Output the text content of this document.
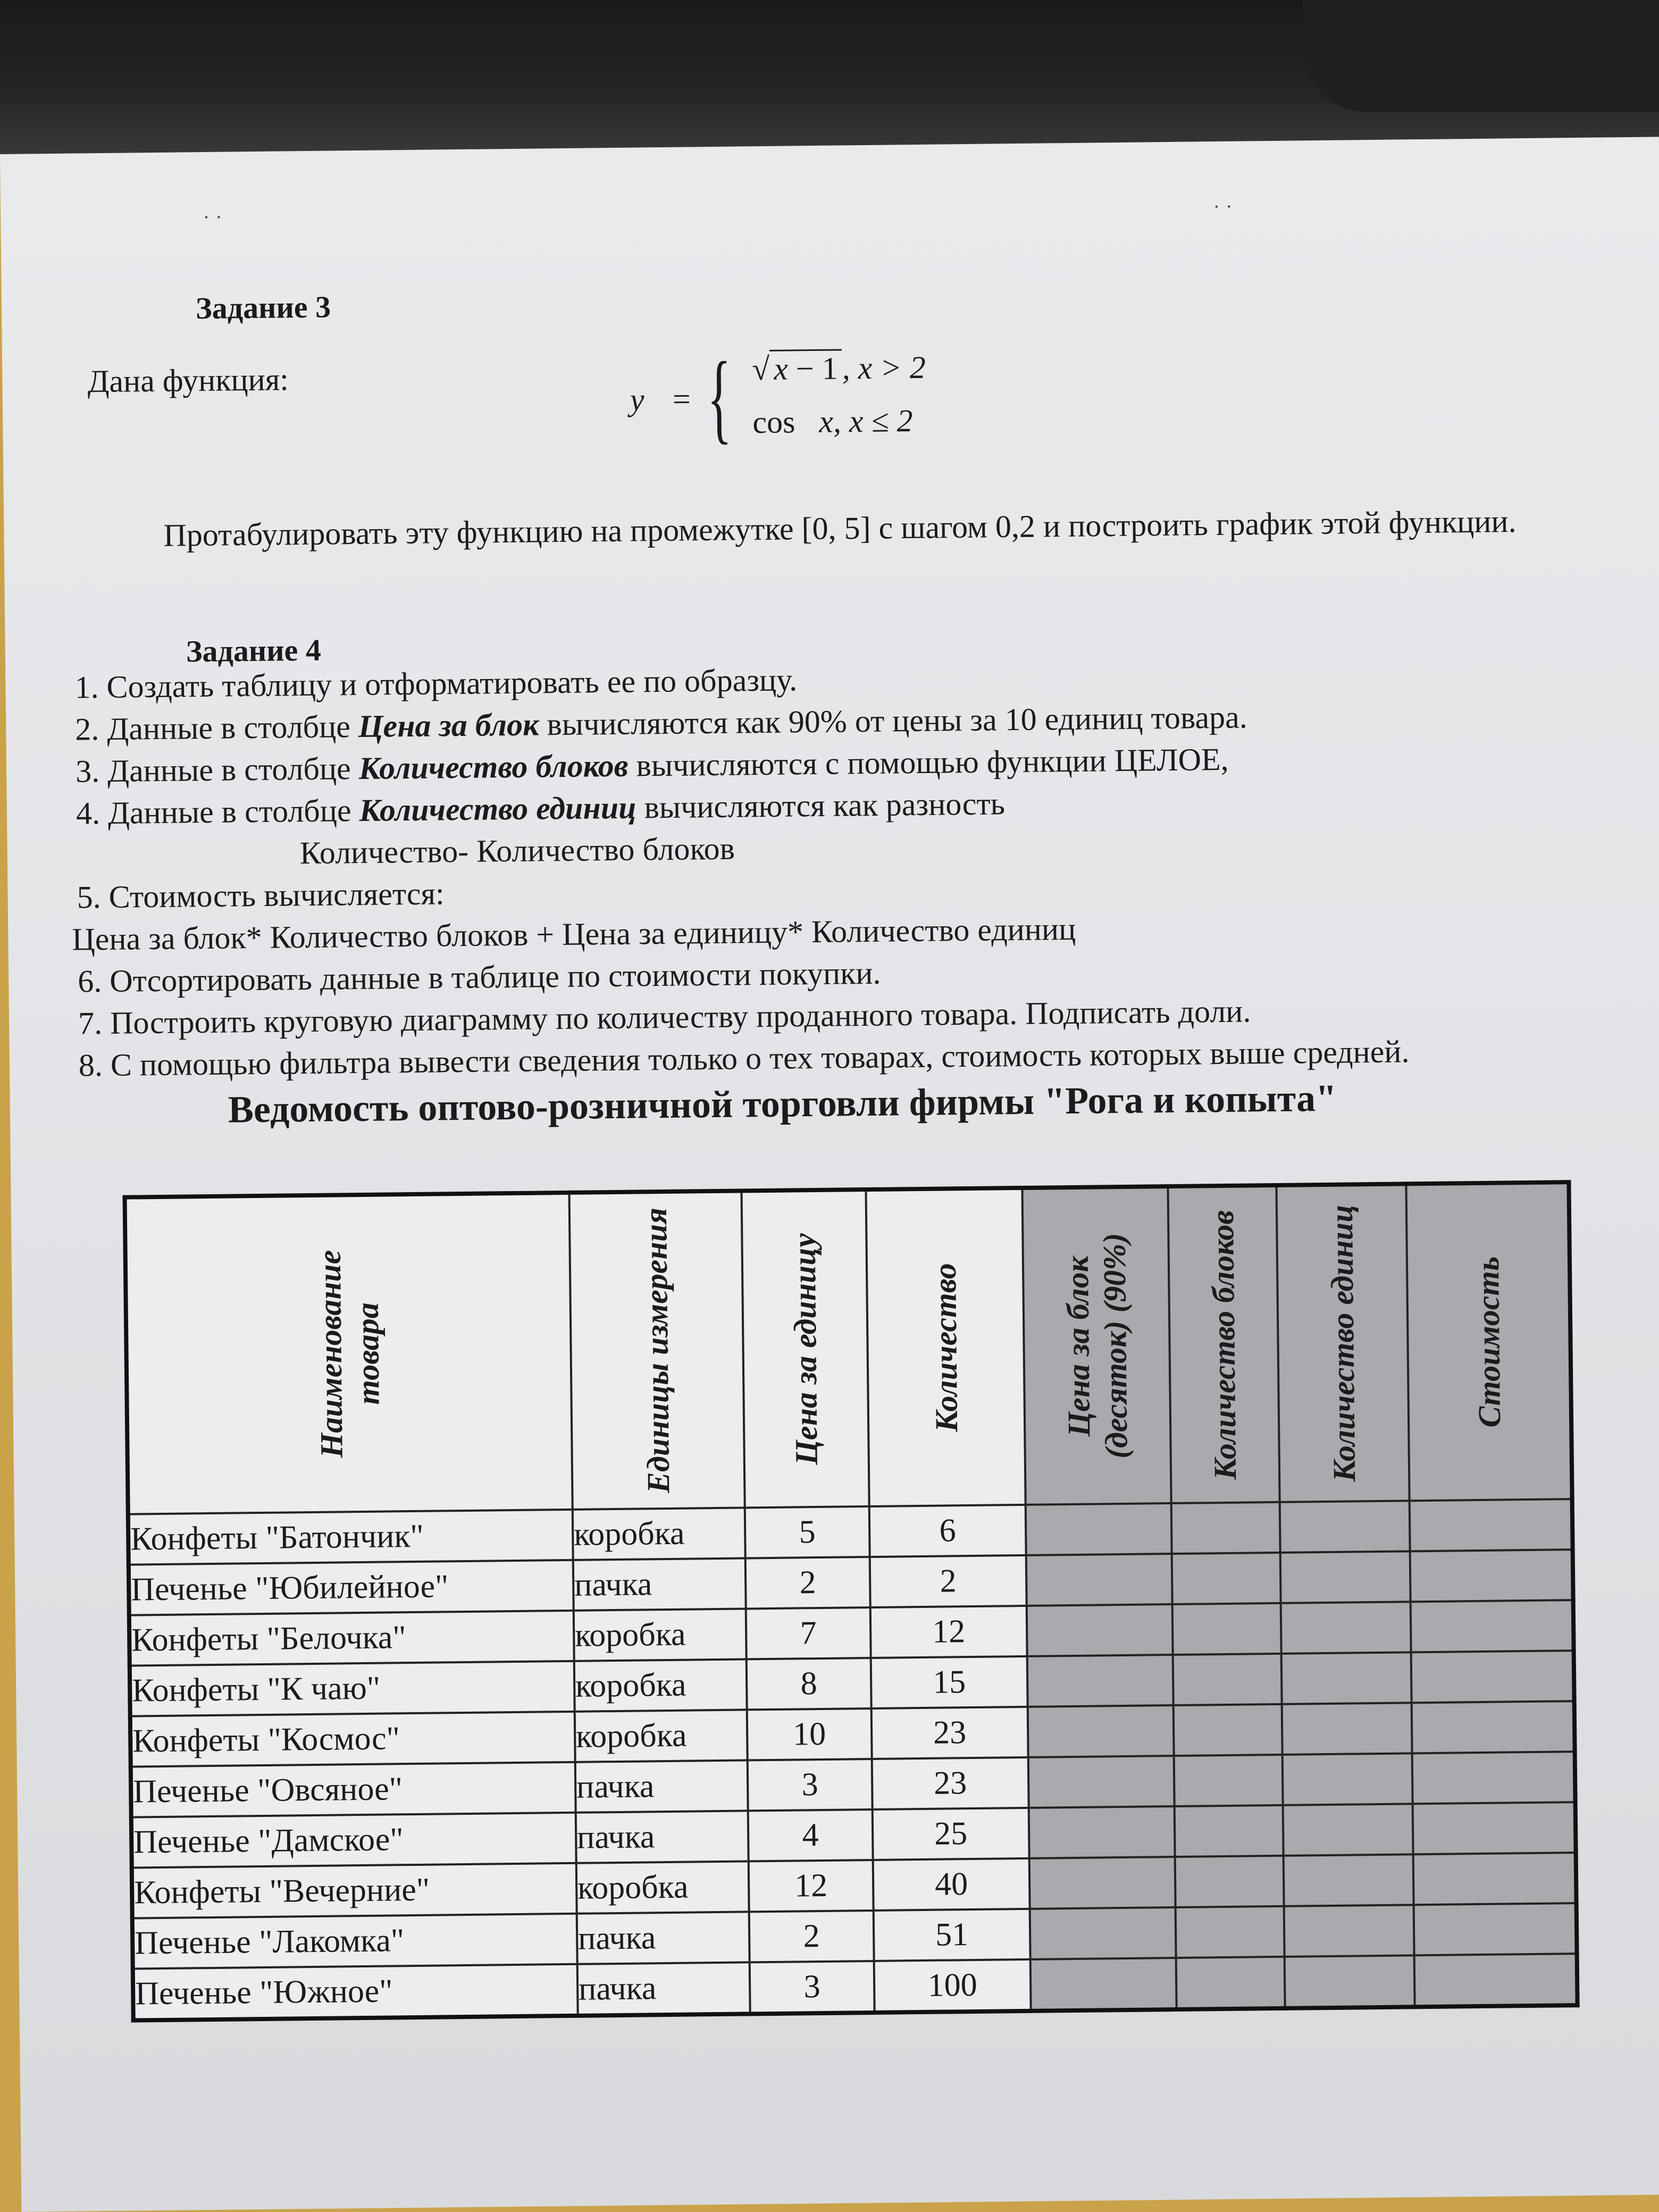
˙ ˙	˙ ˙
Задание 3
Дана функция:
y = { √ x − 1 , x > 2
cos x, x ≤ 2
Протабулировать эту функцию на промежутке [0, 5] с шагом 0,2 и построить график этой функции.
Задание 4
1. Создать таблицу и отформатировать ее по образцу.
2. Данные в столбце Цена за блок вычисляются как 90% от цены за 10 единиц товара.
3. Данные в столбце Количество блоков вычисляются с помощью функции ЦЕЛОЕ,
4. Данные в столбце Количество единиц вычисляются как разность
Количество- Количество блоков
5. Стоимость вычисляется:
Цена за блок* Количество блоков + Цена за единицу* Количество единиц
6. Отсортировать данные в таблице по стоимости покупки.
7. Построить круговую диаграмму по количеству проданного товара. Подписать доли.
8. С помощью фильтра вывести сведения только о тех товарах, стоимость которых выше средней.
Ведомость оптово-розничной торговли фирмы "Рога и копыта"
Наименование товара	Единицы измерения	Цена за единицу	Количество	Цена за блок (десяток) (90%)	Количество блоков	Количество единиц	Стоимость

Конфеты "Батончик"	коробка	5	6				
Печенье "Юбилейное"	пачка	2	2				
Конфеты "Белочка"	коробка	7	12				
Конфеты "К чаю"	коробка	8	15				
Конфеты "Космос"	коробка	10	23				
Печенье "Овсяное"	пачка	3	23				
Печенье "Дамское"	пачка	4	25				
Конфеты "Вечерние"	коробка	12	40				
Печенье "Лакомка"	пачка	2	51				
Печенье "Южное"	пачка	3	100				
